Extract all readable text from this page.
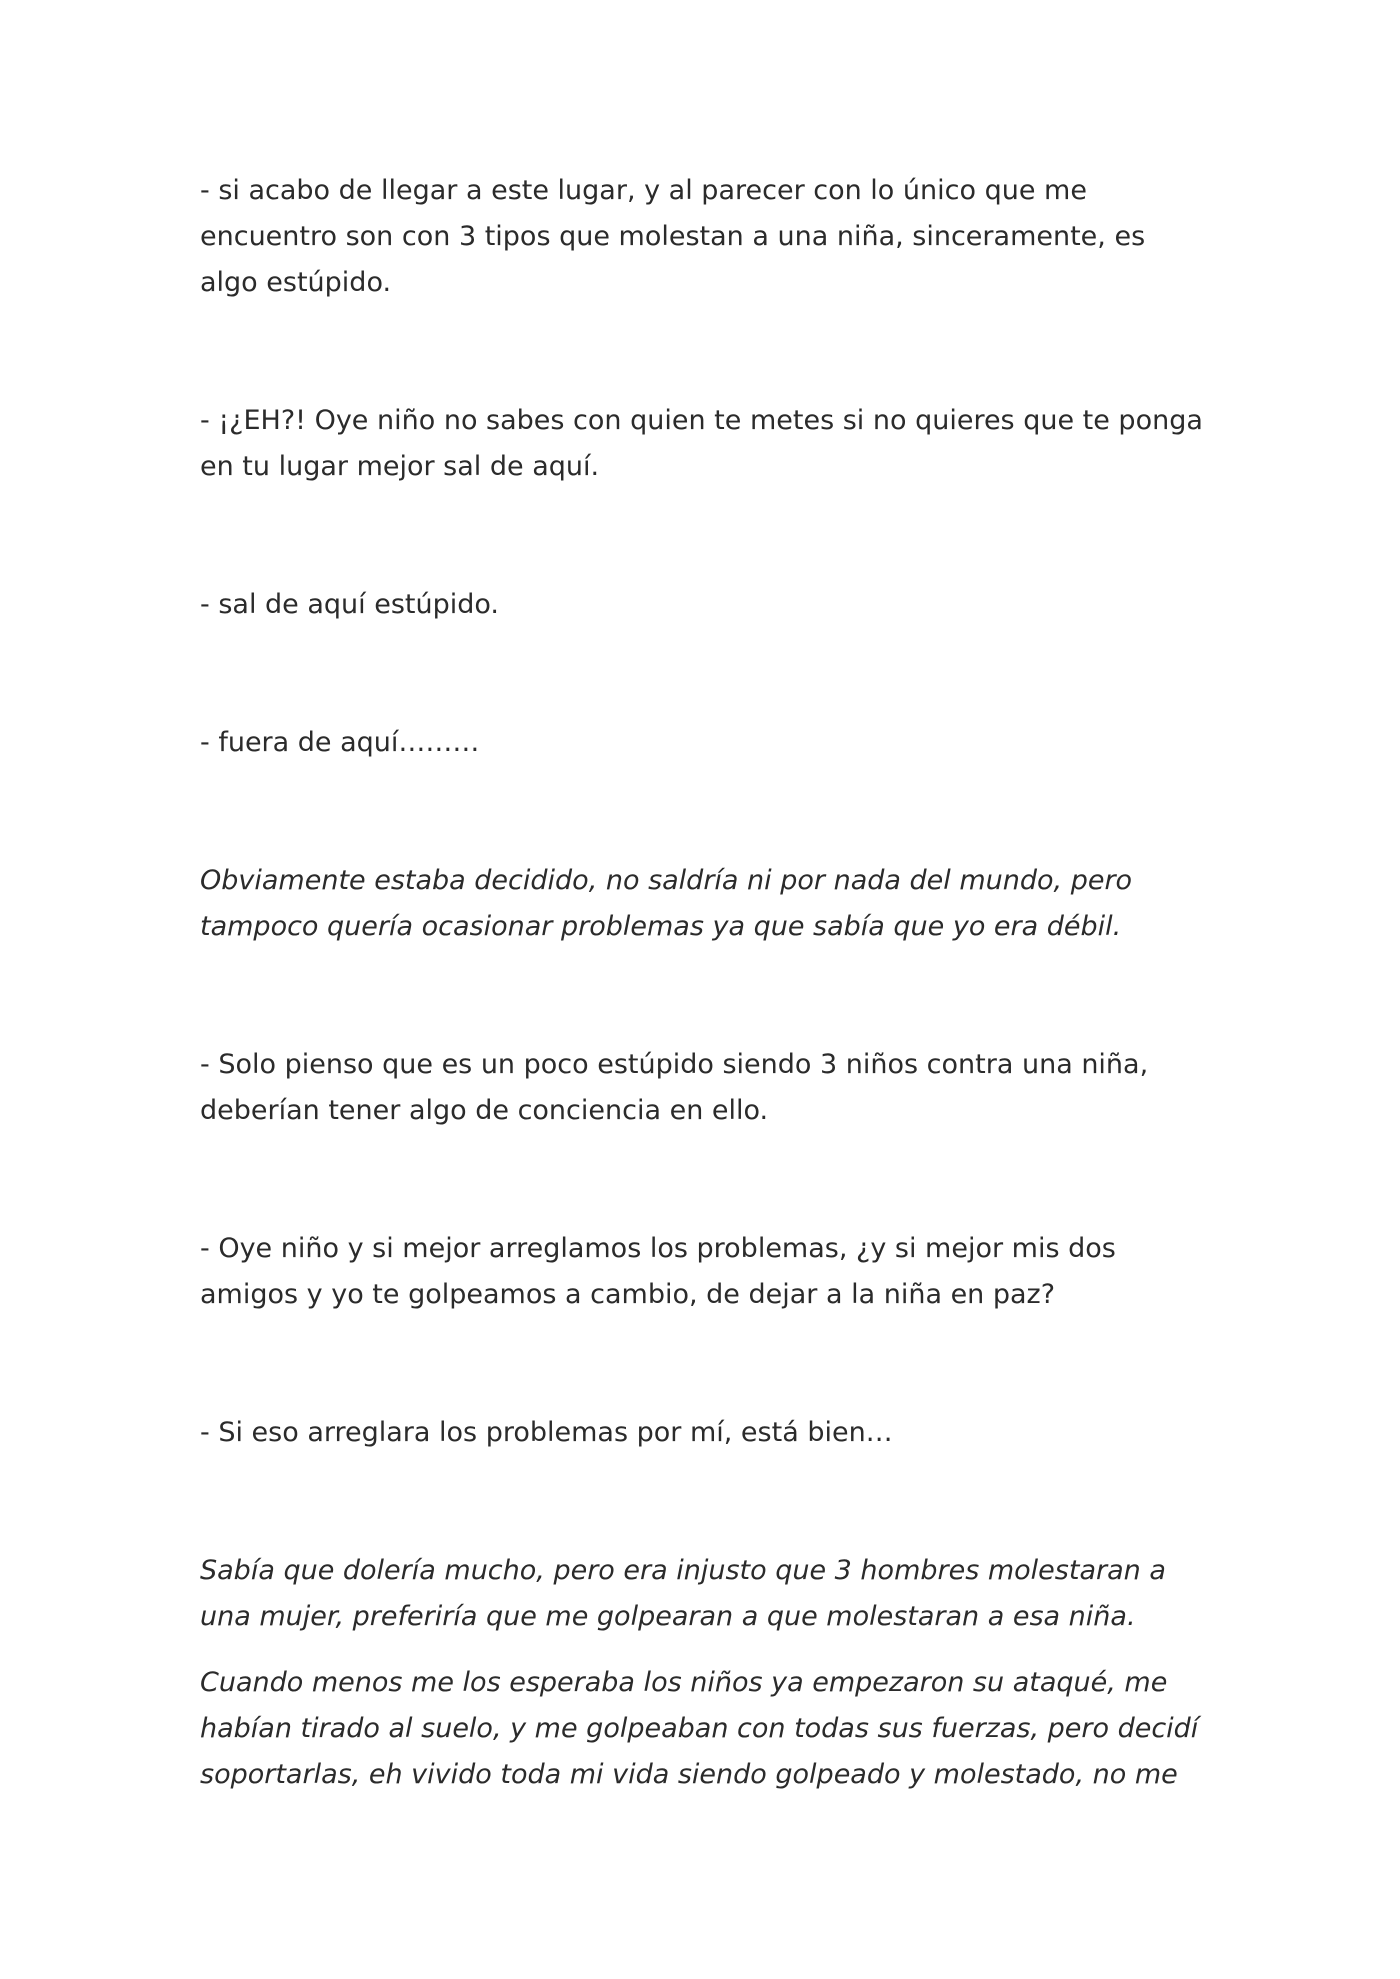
- si acabo de llegar a este lugar, y al parecer con lo único que me encuentro son con 3 tipos que molestan a una niña, sinceramente, es algo estúpido.

- ¡¿EH?! Oye niño no sabes con quien te metes si no quieres que te ponga en tu lugar mejor sal de aquí.

- sal de aquí estúpido.

- fuera de aquí………

Obviamente estaba decidido, no saldría ni por nada del mundo, pero tampoco quería ocasionar problemas ya que sabía que yo era débil.

- Solo pienso que es un poco estúpido siendo 3 niños contra una niña, deberían tener algo de conciencia en ello.

- Oye niño y si mejor arreglamos los problemas, ¿y si mejor mis dos amigos y yo te golpeamos a cambio, de dejar a la niña en paz?

- Si eso arreglara los problemas por mí, está bien…

Sabía que dolería mucho, pero era injusto que 3 hombres molestaran a una mujer, preferiría que me golpearan a que molestaran a esa niña.

Cuando menos me los esperaba los niños ya empezaron su ataqué, me habían tirado al suelo, y me golpeaban con todas sus fuerzas, pero decidí soportarlas, eh vivido toda mi vida siendo golpeado y molestado, no me
